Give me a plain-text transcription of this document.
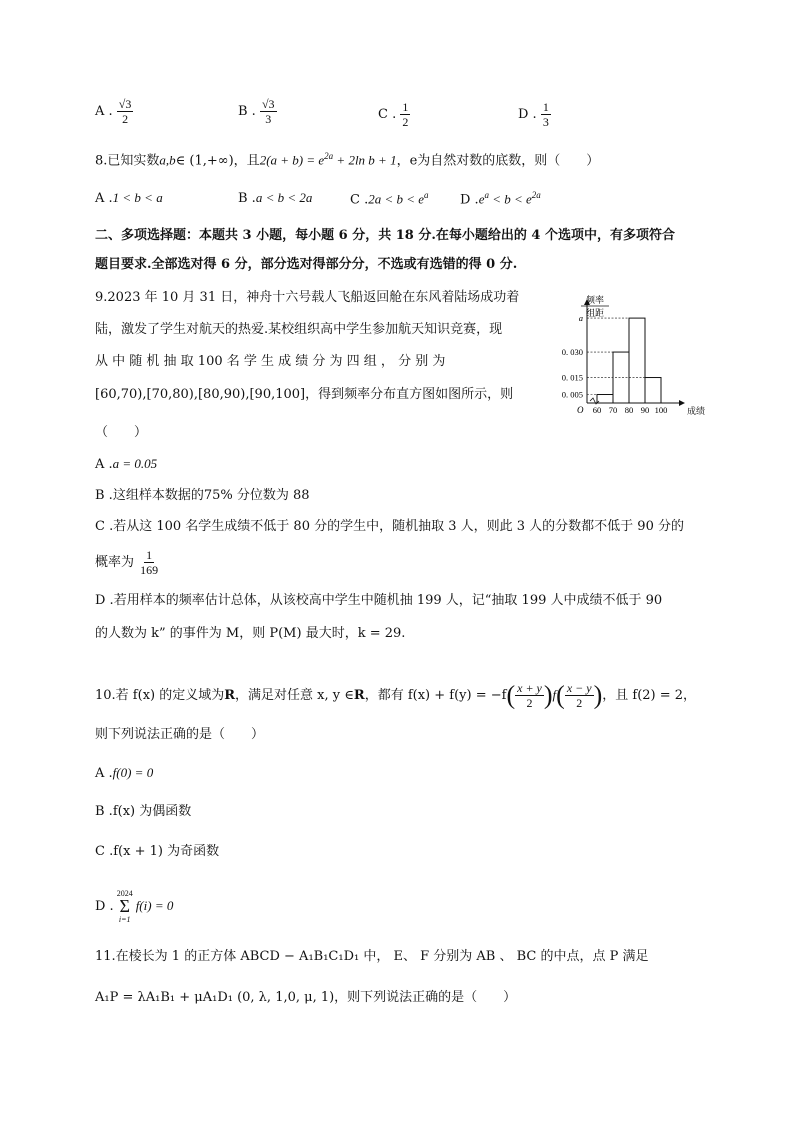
A . $\frac{√3}{2}$	B . $\frac{√3}{3}$	C . $\frac{1}{2}$	D . $\frac{1}{3}$
8.已知实数a,b∈ (1,+∞)，且$2(a + b) = e^{2a} + 2\ln$ b + 1，e为自然对数的底数，则（　　）
A .1 < b < a	B .a < b < 2a	C $.2a < b < e^a$ D $.e^a < b < e^{2a}$
二、多项选择题：本题共 3 小题，每小题 6 分，共 18 分.在每小题给出的 4 个选项中，有多项符合
题目要求.全部选对得 6 分，部分选对得部分分，不选或有选错的得 0 分.
9.2023 年 10 月 31 日，神舟十六号载人飞船返回舱在东风着陆场成功着
陆，激发了学生对航天的热爱.某校组织高中学生参加航天知识竞赛，现
从 中 随 机 抽 取 100 名 学 生 成 绩 分 为 四 组 ， 分 别 为
[60,70),[70,80),[80,90),[90,100]，得到频率分布直方图如图所示，则
（　　）
频率
组距
O
a
0. 030
0. 015
0. 005
60 70 80 90 100 成绩
A .a = 0.05
B .这组样本数据的75% 分位数为 88
C .若从这 100 名学生成绩不低于 80 分的学生中，随机抽取 3 人，则此 3 人的分数都不低于 90 分的
概率为 $\frac{1}{169}$
D .若用样本的频率估计总体，从该校高中学生中随机抽 199 人，记“抽取 199 人中成绩不低于 90
的人数为 k” 的事件为 M，则 P(M) 最大时，k = 29.
10.若 f(x) 的定义域为R，满足对任意 x, y ∈R，都有 $f(x) + f(y) = -f( \frac{x + y}{2} )f( \frac{x - y}{2}$ )，且 f(2) = 2，
则下列说法正确的是（　　）
A .f(0) = 0
B .f(x) 为偶函数
C .f(x + 1) 为奇函数
D .
2024
Σ
i=1
f(i) = 0
11.在棱长为 1 的正方体 ABCD − A₁B₁C₁D₁ 中， E、 F 分别为 AB 、 BC 的中点，点 P 满足
A₁P = λA₁B₁ + μA₁D₁ (0, λ, 1,0, μ, 1)，则下列说法正确的是（　　）
